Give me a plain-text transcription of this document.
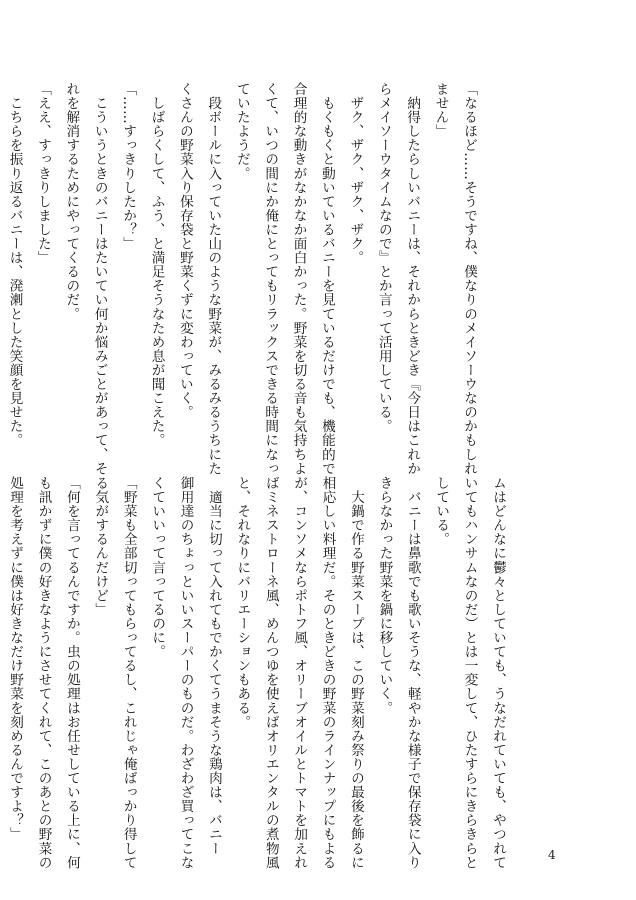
「なるほど……そうですね、僕なりのメイソーウなのかもしれ
ません」
　納得したらしいバニーは、それからときどき『今日はこれか
らメイソーウタイムなので』とか言って活用している。
　ザク、ザク、ザク、ザク。
　もくもくと動いているバニーを見ているだけでも、機能的で
合理的な動きがなかなか面白かった。野菜を切る音も気持ちよ
くて、いつの間にか俺にとってもリラックスできる時間になっ
ていたようだ。
　段ボールに入っていた山のような野菜が、みるみるうちにた
くさんの野菜入り保存袋と野菜くずに変わっていく。
　しばらくして、ふう、と満足そうなため息が聞こえた。
「……すっきりしたか？」
　こういうときのバニーはたいてい何か悩みごとがあって、そ
れを解消するためにやってくるのだ。
「ええ、すっきりしました」
　こちらを振り返るバニーは、溌溂とした笑顔を見せた。
ムはどんなに鬱々としていても、うなだれていても、やつれて
いてもハンサムなのだ）とは一変して、ひたすらにきらきらと
している。
　バニーは鼻歌でも歌いそうな、軽やかな様子で保存袋に入り
きらなかった野菜を鍋に移していく。
　大鍋で作る野菜スープは、この野菜刻み祭りの最後を飾るに
相応しい料理だ。そのときどきの野菜のラインナップにもよる
が、コンソメならポトフ風、オリーブオイルとトマトを加えれ
ばミネストローネ風、めんつゆを使えばオリエンタルの煮物風
と、それなりにバリエーションもある。
　適当に切って入れてもでかくてうまそうな鶏肉は、バニー
御用達のちょっといいスーパーのものだ。わざわざ買ってこな
くていいって言ってるのに。
「野菜も全部切ってもらってるし、これじゃ俺ばっかり得して
る気がするんだけど」
「何を言ってるんですか。虫の処理はお任せしている上に、何
も訊かずに僕の好きなようにさせてくれて、このあとの野菜の
処理を考えずに僕は好きなだけ野菜を刻めるんですよ？」
4
